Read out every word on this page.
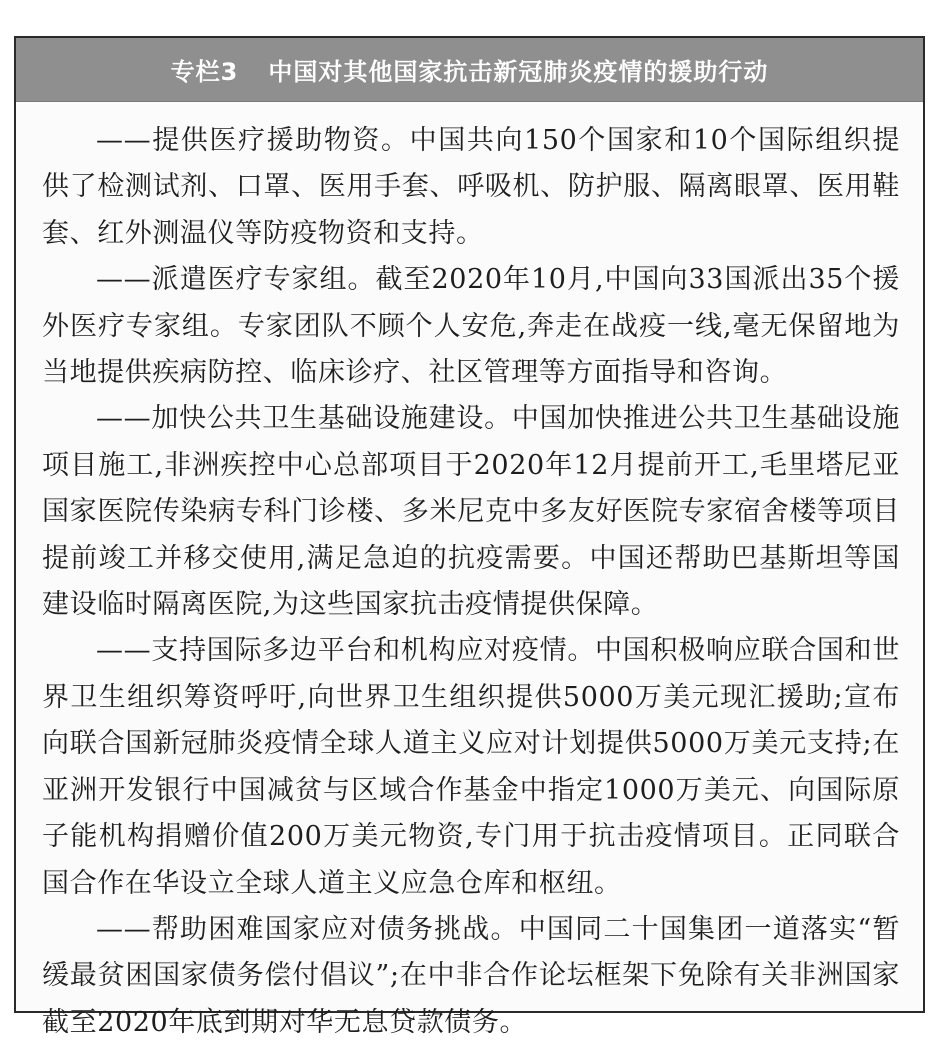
专栏3 中国对其他国家抗击新冠肺炎疫情的援助行动

——提供医疗援助物资。中国共向150个国家和10个国际组织提供了检测试剂、口罩、医用手套、呼吸机、防护服、隔离眼罩、医用鞋套、红外测温仪等防疫物资和支持。

——派遣医疗专家组。截至2020年10月,中国向33国派出35个援外医疗专家组。专家团队不顾个人安危,奔走在战疫一线,毫无保留地为当地提供疾病防控、临床诊疗、社区管理等方面指导和咨询。

——加快公共卫生基础设施建设。中国加快推进公共卫生基础设施项目施工,非洲疾控中心总部项目于2020年12月提前开工,毛里塔尼亚国家医院传染病专科门诊楼、多米尼克中多友好医院专家宿舍楼等项目提前竣工并移交使用,满足急迫的抗疫需要。中国还帮助巴基斯坦等国建设临时隔离医院,为这些国家抗击疫情提供保障。

——支持国际多边平台和机构应对疫情。中国积极响应联合国和世界卫生组织筹资呼吁,向世界卫生组织提供5000万美元现汇援助;宣布向联合国新冠肺炎疫情全球人道主义应对计划提供5000万美元支持;在亚洲开发银行中国减贫与区域合作基金中指定1000万美元、向国际原子能机构捐赠价值200万美元物资,专门用于抗击疫情项目。正同联合国合作在华设立全球人道主义应急仓库和枢纽。

——帮助困难国家应对债务挑战。中国同二十国集团一道落实“暂缓最贫困国家债务偿付倡议”;在中非合作论坛框架下免除有关非洲国家截至2020年底到期对华无息贷款债务。
